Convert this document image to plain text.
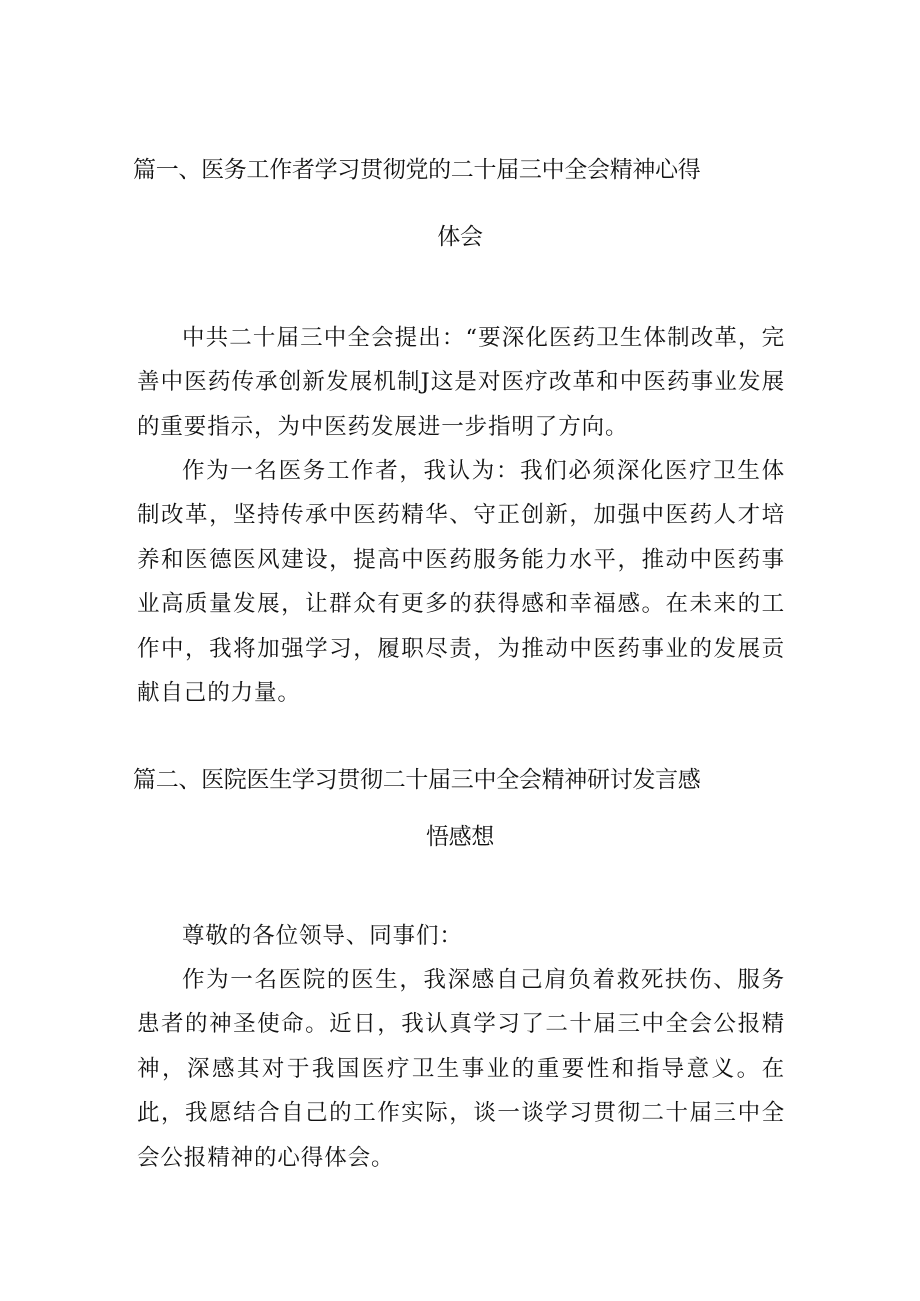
篇一、医务工作者学习贯彻党的二十届三中全会精神心得
体会

中共二十届三中全会提出：“要深化医药卫生体制改革，完善中医药传承创新发展机制J这是对医疗改革和中医药事业发展的重要指示，为中医药发展进一步指明了方向。

作为一名医务工作者，我认为：我们必须深化医疗卫生体制改革，坚持传承中医药精华、守正创新，加强中医药人才培养和医德医风建设，提高中医药服务能力水平，推动中医药事业高质量发展，让群众有更多的获得感和幸福感。在未来的工作中，我将加强学习，履职尽责，为推动中医药事业的发展贡献自己的力量。

篇二、医院医生学习贯彻二十届三中全会精神研讨发言感
悟感想

尊敬的各位领导、同事们：

作为一名医院的医生，我深感自己肩负着救死扶伤、服务患者的神圣使命。近日，我认真学习了二十届三中全会公报精神，深感其对于我国医疗卫生事业的重要性和指导意义。在此，我愿结合自己的工作实际，谈一谈学习贯彻二十届三中全会公报精神的心得体会。
